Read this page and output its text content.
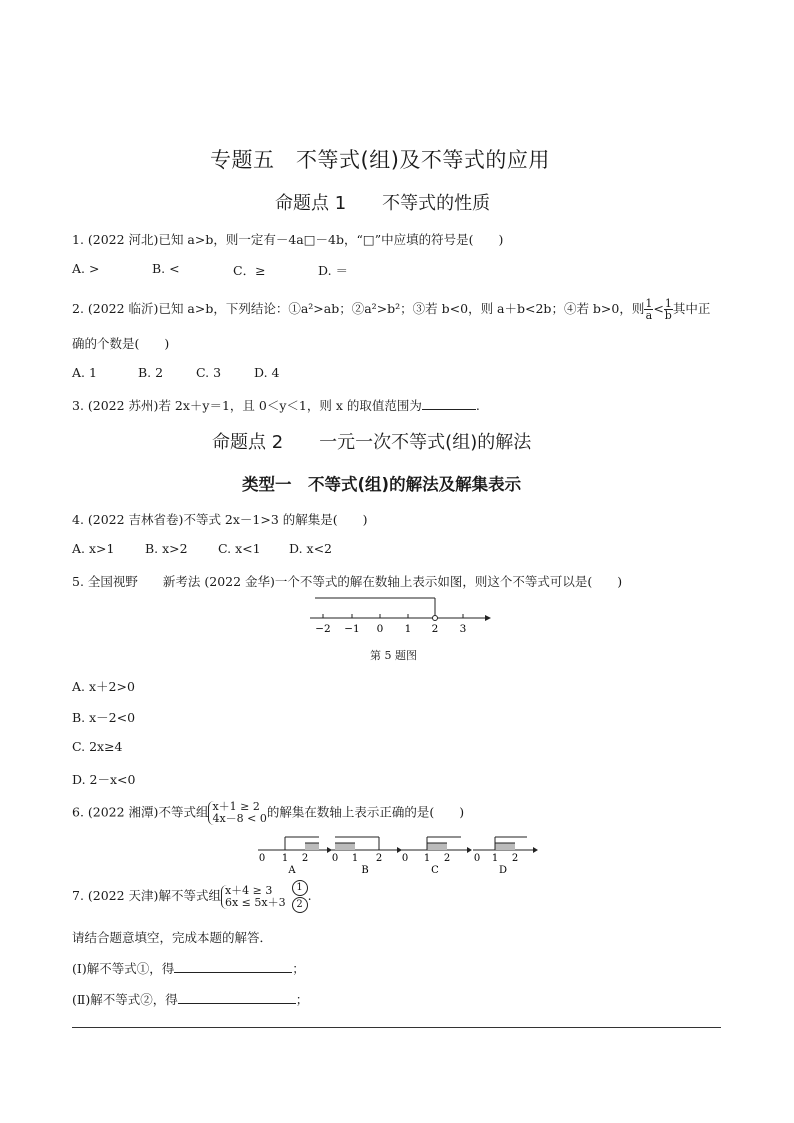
专题五　不等式(组)及不等式的应用
命题点 1　　不等式的性质
1. (2022 河北)已知 a>b，则一定有－4a□－4b，“□”中应填的符号是(　　)
A. >	B. <	C．≥	D. ＝
2. (2022 临沂)已知 a>b，下列结论：①a²>ab；②a²>b²；③若 b<0，则 a＋b<2b；④若 b>0，则 $\frac{1}{a} < \frac{1}{b}$ 其中正
确的个数是(　　)
A. 1	B. 2	C. 3	D. 4
3. (2022 苏州)若 2x＋y＝1，且 0＜y＜1，则 x 的取值范围为	.
命题点 2　　一元一次不等式(组)的解法
类型一　不等式(组)的解法及解集表示
4. (2022 吉林省卷)不等式 2x－1>3 的解集是(　　)
A. x>1 B. x>2 C. x<1 D. x<2
5. 全国视野　　新考法 (2022 金华)一个不等式的解在数轴上表示如图，则这个不等式可以是(　　)
−2 −1 0 1 2 3
第 5 题图
A. x＋2>0
B. x－2<0
C. 2x≥4
D. 2－x<0
6. (2022 湘潭)不等式组 x＋1 ≥ 2
4x－8 < 0 的解集在数轴上表示正确的是(　　)
0 1 2
A
0 1 2
B
0 1 2
C
0 1 2
D
7. (2022 天津)解不等式组 x＋4 ≥ 3
$6x \le 5x+3 \frac{1}{2}$ .
请结合题意填空，完成本题的解答．
(Ⅰ)解不等式①，得	；
(Ⅱ)解不等式②，得	；
